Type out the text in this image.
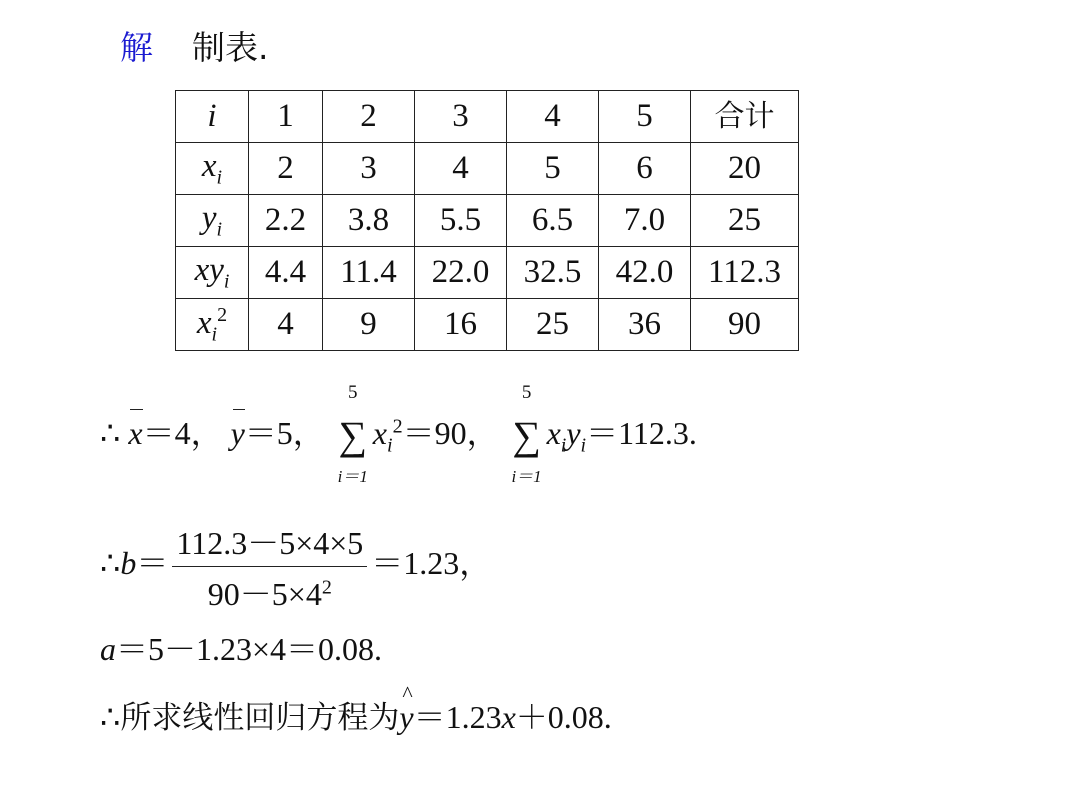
解 制表.
i	1	2	3	4	5	合计
$x_i$	2	3	4	5	6	20
$y_i$	2.2	3.8	5.5	6.5	7.0	25
$xy_i$	4.4	11.4	22.0	32.5	42.0	112.3
$x_i^2$	4	9	16	25	36	90
∴ x＝4， y＝5，
5
∑
i＝1
$x_i^2=90$，
5
∑
i＝1
$x_iy_i=112.3$.
∴b＝ $\frac{112.3-5\times 4\times 5}{90-5\times 4^2} =1.23$，
a＝5－1.23×4＝0.08.
∴所求线性回归方程为^ y＝1.23x＋0.08.
